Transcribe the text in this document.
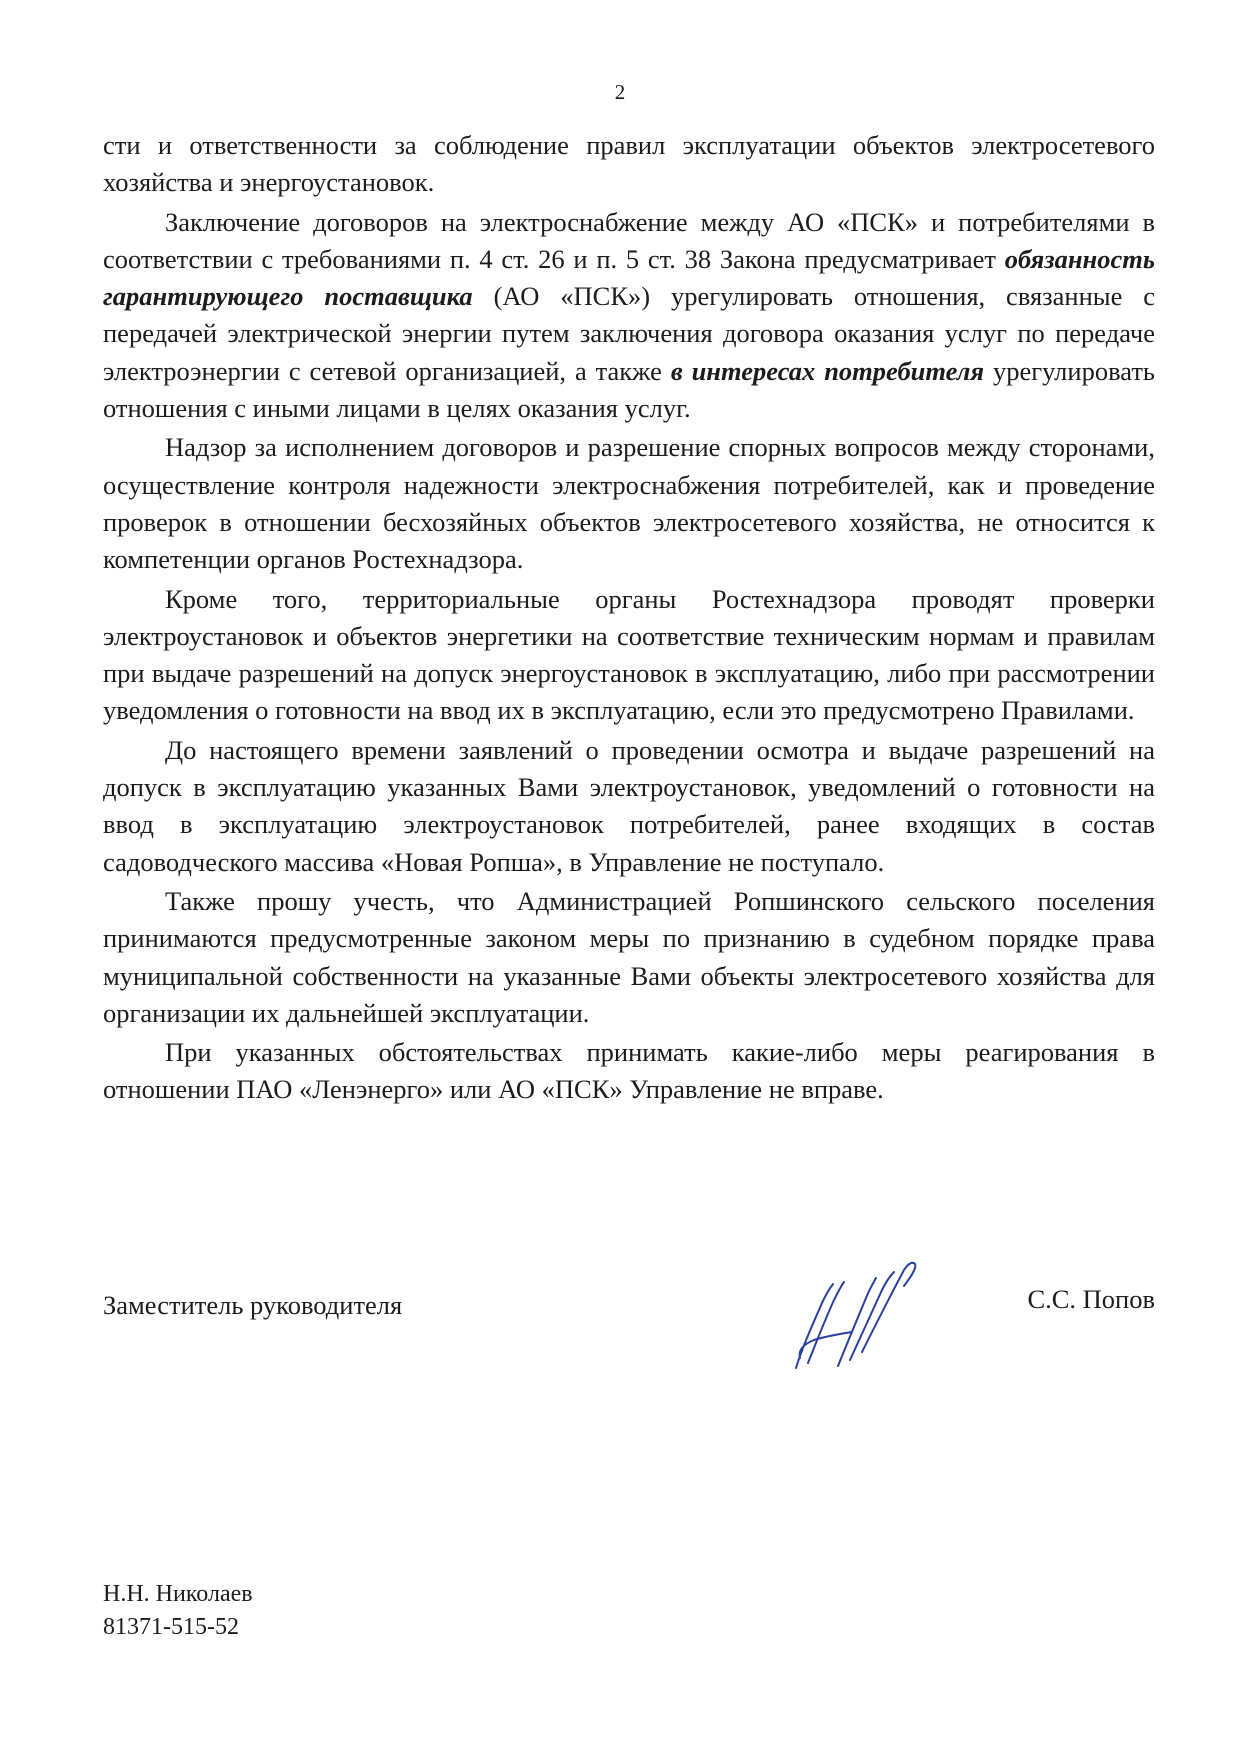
2

сти и ответственности за соблюдение правил эксплуатации объектов электросетевого хозяйства и энергоустановок.

Заключение договоров на электроснабжение между АО «ПСК» и потребителями в соответствии с требованиями п. 4 ст. 26 и п. 5 ст. 38 Закона предусматривает обязанность гарантирующего поставщика (АО «ПСК») урегулировать отношения, связанные с передачей электрической энергии путем заключения договора оказания услуг по передаче электроэнергии с сетевой организацией, а также в интересах потребителя урегулировать отношения с иными лицами в целях оказания услуг.

Надзор за исполнением договоров и разрешение спорных вопросов между сторонами, осуществление контроля надежности электроснабжения потребителей, как и проведение проверок в отношении бесхозяйных объектов электросетевого хозяйства, не относится к компетенции органов Ростехнадзора.

Кроме того, территориальные органы Ростехнадзора проводят проверки электроустановок и объектов энергетики на соответствие техническим нормам и правилам при выдаче разрешений на допуск энергоустановок в эксплуатацию, либо при рассмотрении уведомления о готовности на ввод их в эксплуатацию, если это предусмотрено Правилами.

До настоящего времени заявлений о проведении осмотра и выдаче разрешений на допуск в эксплуатацию указанных Вами электроустановок, уведомлений о готовности на ввод в эксплуатацию электроустановок потребителей, ранее входящих в состав садоводческого массива «Новая Ропша», в Управление не поступало.

Также прошу учесть, что Администрацией Ропшинского сельского поселения принимаются предусмотренные законом меры по признанию в судебном порядке права муниципальной собственности на указанные Вами объекты электросетевого хозяйства для организации их дальнейшей эксплуатации.

При указанных обстоятельствах принимать какие-либо меры реагирования в отношении ПАО «Ленэнерго» или АО «ПСК» Управление не вправе.

Заместитель руководителя	С.С. Попов
Н.Н. Николаев
81371-515-52
